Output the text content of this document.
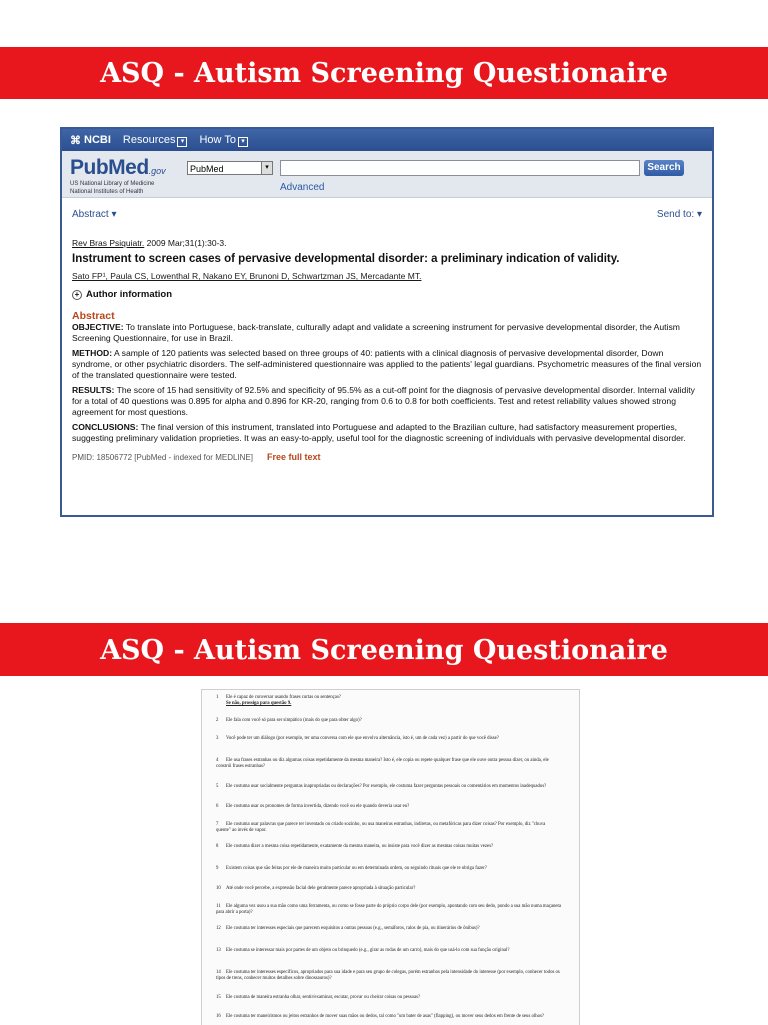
ASQ - Autism Screening Questionaire
⌘ NCBI Resources ▾ How To ▾
PubMed.gov
US National Library of Medicine
National Institutes of Health
PubMed	▾	Search
Advanced
Abstract ▾	Send to: ▾
Rev Bras Psiquiatr. 2009 Mar;31(1):30-3.
Instrument to screen cases of pervasive developmental disorder: a preliminary indication of validity.
Sato FP¹, Paula CS, Lowenthal R, Nakano EY, Brunoni D, Schwartzman JS, Mercadante MT.
+ Author information
Abstract

OBJECTIVE: To translate into Portuguese, back-translate, culturally adapt and validate a screening instrument for pervasive developmental disorder, the Autism Screening Questionnaire, for use in Brazil.

METHOD: A sample of 120 patients was selected based on three groups of 40: patients with a clinical diagnosis of pervasive developmental disorder, Down syndrome, or other psychiatric disorders. The self-administered questionnaire was applied to the patients' legal guardians. Psychometric measures of the final version of the translated questionnaire were tested.

RESULTS: The score of 15 had sensitivity of 92.5% and specificity of 95.5% as a cut-off point for the diagnosis of pervasive developmental disorder. Internal validity for a total of 40 questions was 0.895 for alpha and 0.896 for KR-20, ranging from 0.6 to 0.8 for both coefficients. Test and retest reliability values showed strong agreement for most questions.

CONCLUSIONS: The final version of this instrument, translated into Portuguese and adapted to the Brazilian culture, had satisfactory measurement properties, suggesting preliminary validation proprieties. It was an easy-to-apply, useful tool for the diagnostic screening of individuals with pervasive developmental disorder.

PMID: 18506772 [PubMed - indexed for MEDLINE] Free full text
ASQ - Autism Screening Questionaire
1 Ele é capaz de conversar usando frases curtas ou sentenças?
Se não, prossiga para questão 9.
2 Ele fala com você só para ser simpático (mais do que para obter algo)?
3 Você pode ter um diálogo (por exemplo, ter uma conversa com ele que envolva alternância, isto é, um de cada vez) a partir do que você disse?
4 Ele usa frases estranhas ou diz algumas coisas repetidamente da mesma maneira? Isto é, ele copia ou repete qualquer frase que ele ouve outra pessoa dizer, ou ainda, ele constrói frases estranhas?
5 Ele costuma usar socialmente perguntas inapropriadas ou declarações? Por exemplo, ele costuma fazer perguntas pessoais ou comentários em momentos inadequados?
6 Ele costuma usar os pronomes de forma invertida, dizendo você ou ele quando deveria usar eu?
7 Ele costuma usar palavras que parece ter inventado ou criado sozinho, ou usa maneiras estranhas, indiretas, ou metafóricas para dizer coisas? Por exemplo, diz "chuva quente" ao invés de vapor.
8 Ele costuma dizer a mesma coisa repetidamente, exatamente da mesma maneira, ou insiste para você dizer as mesmas coisas muitas vezes?
9 Existem coisas que são feitas por ele de maneira muito particular ou em determinada ordem, ou seguindo rituais que ele te obriga fazer?
10 Até onde você percebe, a expressão facial dele geralmente parece apropriada à situação particular?
11 Ele alguma vez usou a sua mão como uma ferramenta, ou como se fosse parte do próprio corpo dele (por exemplo, apontando com seu dedo, pondo a sua mão numa maçaneta para abrir a porta)?
12 Ele costuma ter interesses especiais que parecem esquisitos a outras pessoas (e.g., semáforos, ralos de pia, ou itinerários de ônibus)?
13 Ele costuma se interessar mais por partes de um objeto ou brinquedo (e.g., girar as rodas de um carro), mais do que usá-lo com sua função original?
14 Ele costuma ter interesses específicos, apropriados para sua idade e para seu grupo de colegas, porém estranhos pela intensidade do interesse (por exemplo, conhecer todos os tipos de trens, conhecer muitos detalhes sobre dinossauros)?
15 Ele costuma de maneira estranha olhar, sentir/examinar, escutar, provar ou cheirar coisas ou pessoas?
16 Ele costuma ter maneirismos ou jeitos estranhos de mover suas mãos ou dedos, tal como "um bater de asas" (flapping), ou mover seus dedos em frente de seus olhos?
